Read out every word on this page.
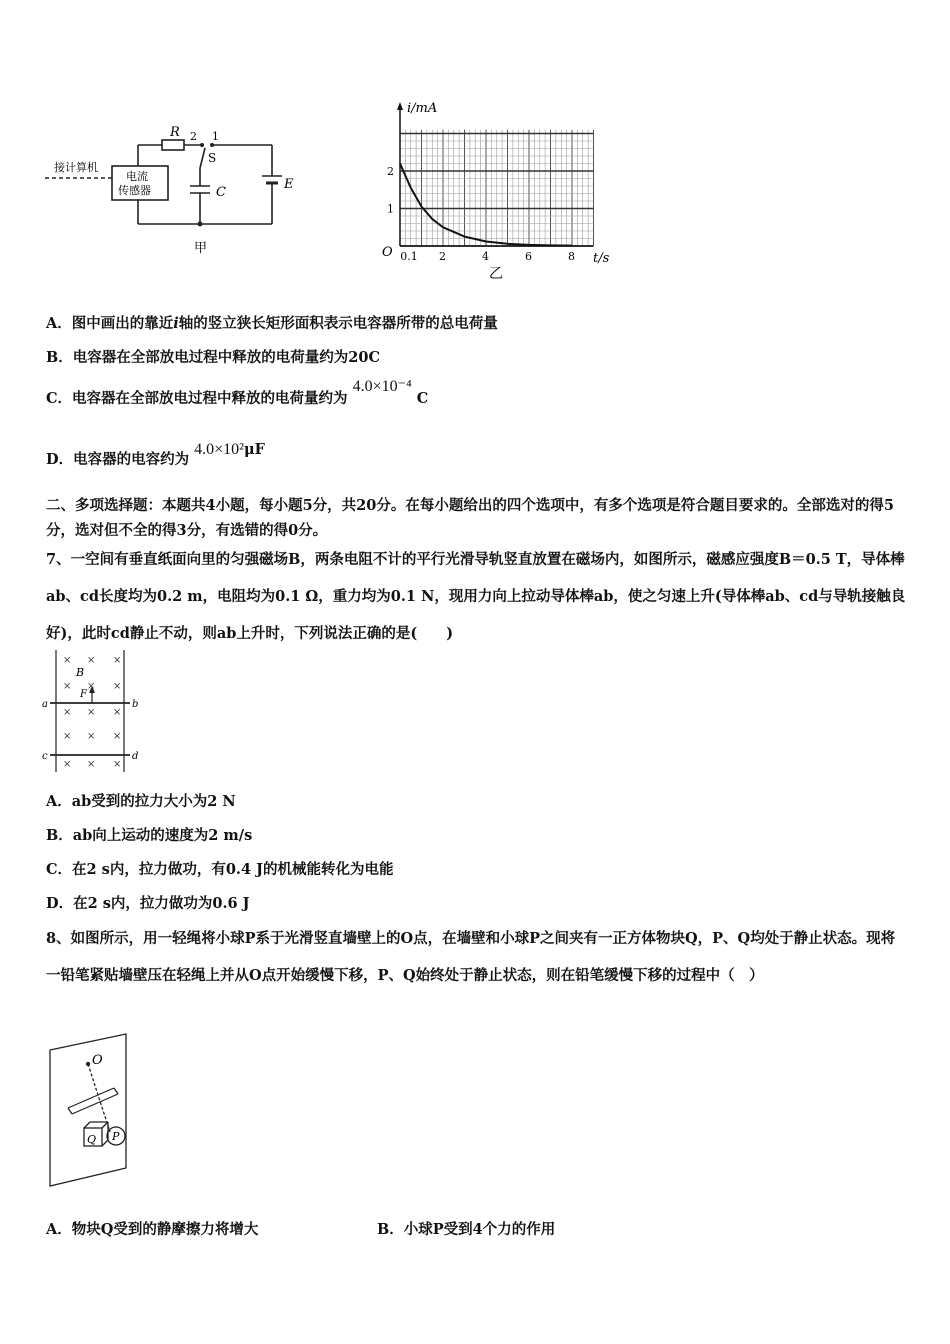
R 2 1
S
C
E
接计算机
电流
传感器
甲
i/mA
t/s
O
1
2
0.1 2	4	6	8
乙
A．图中画出的靠近i轴的竖立狭长矩形面积表示电容器所带的总电荷量
B．电容器在全部放电过程中释放的电荷量约为20C
C．电容器在全部放电过程中释放的电荷量约为 4.0×10⁻⁴ C
D．电容器的电容约为 4.0×10²μF
二、多项选择题：本题共4小题，每小题5分，共20分。在每小题给出的四个选项中，有多个选项是符合题目要求的。全部选对的得5分，选对但不全的得3分，有选错的得0分。
7、一空间有垂直纸面向里的匀强磁场B，两条电阻不计的平行光滑导轨竖直放置在磁场内，如图所示，磁感应强度B＝0.5 T，导体棒ab、cd长度均为0.2 m，电阻均为0.1 Ω，重力均为0.1 N，现用力向上拉动导体棒ab，使之匀速上升(导体棒ab、cd与导轨接触良好)，此时cd静止不动，则ab上升时，下列说法正确的是(　　)
× × ×
× × ×
× × ×
× × ×
× × ×
B
F
a	b
c	d
A．ab受到的拉力大小为2 N
B．ab向上运动的速度为2 m/s
C．在2 s内，拉力做功，有0.4 J的机械能转化为电能
D．在2 s内，拉力做功为0.6 J
8、如图所示，用一轻绳将小球P系于光滑竖直墙壁上的O点，在墙壁和小球P之间夹有一正方体物块Q，P、Q均处于静止状态。现将一铅笔紧贴墙壁压在轻绳上并从O点开始缓慢下移，P、Q始终处于静止状态，则在铅笔缓慢下移的过程中（　）
O
Q P
A．物块Q受到的静摩擦力将增大	B．小球P受到4个力的作用
